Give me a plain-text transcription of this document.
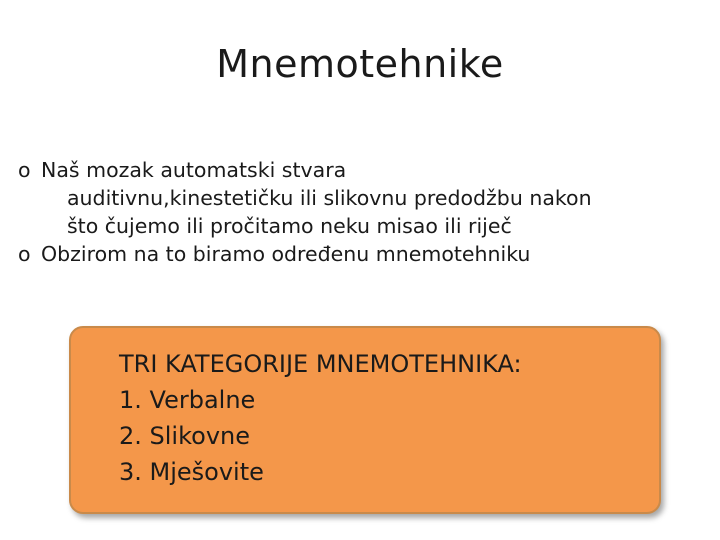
Mnemotehnike
o Naš mozak automatski stvara
auditivnu,kinestetičku ili slikovnu predodžbu nakon
što čujemo ili pročitamo neku misao ili riječ
o Obzirom na to biramo određenu mnemotehniku
TRI KATEGORIJE MNEMOTEHNIKA:
1. Verbalne
2. Slikovne
3. Mješovite
